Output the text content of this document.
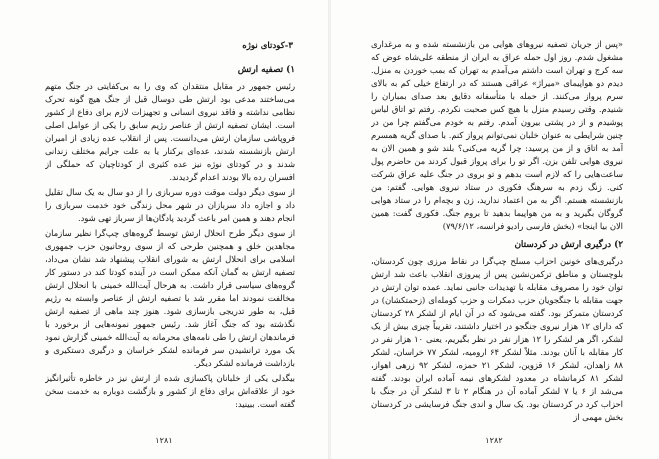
«پس از جریان تصفیه نیروهای هوایی من بازنشسته شده و به مرغداری مشغول شدم. روز اول حمله عراق به ایران از منطقه علی‌شاه عوض که سه کرج و تهران است داشتم می‌آمدم به تهران که بمب خوردن به منزل. دیدم دو هواپیمای «میراژ» عراقی هستند که در ارتفاع خیلی کم به بالای سرم پرواز می‌کنند. از حمله با متأسفانه دقایق بعد صدای بمباران را شنیدم. وقتی رسیدم منزل با هیچ کس صحبت نکردم. رفتم تو اتاق لباس پوشیدم و از در پشتی بیرون آمدم. رفتم به خودم می‌گفتم چرا من در چنین شرایطی به عنوان خلبان نمی‌توانم پرواز کنم. با صدای گریه همسرم آمد به اتاق و از من پرسید: چرا گریه می‌کنی؟ بلند شو و همین الان به نیروی هوایی تلفن بزن. اگر تو را برای پرواز قبول کردند من حاضرم پول ساعت‌هایی را که لازم است بدهم و تو بروی در جنگ علیه عراق شرکت کنی. زنگ زدم به سرهنگ فکوری در ستاد نیروی هوایی. گفتم: من بازنشسته هستم. اگر به من اعتماد ندارید، زن و بچه‌ام را در ستاد هوایی گروگان بگیرید و به من هواپیما بدهید تا بروم جنگ. فکوری گفت: همین الان بیا اینجا» (بخش فارسی رادیو فرانسه، ۷۹/۶/۱۲)

۲) درگیری ارتش در کردستان

درگیری‌های خونین احزاب مسلح چپ‌گرا در نقاط مرزی چون کردستان، بلوچستان و مناطق ترکمن‌نشین پس از پیروزی انقلاب باعث شد ارتش توان خود را مصروف مقابله با تهدیدات جانبی نماید. عمده توان ارتش در جهت مقابله با جنگجویان حزب دمکرات و حزب کومله‌ای (زحمتکشان) در کردستان متمرکز بود. گفته می‌شود که در آن ایام از لشکر ۲۸ کردستان که دارای ۱۲ هزار نیروی جنگجو در اختیار داشتند، تقریباً چیزی بیش از یک لشکر، اگر هر لشکر را ۱۲ هزار نفر در نظر بگیریم، یعنی ۱۰ هزار نفر در کار مقابله با آنان بودند. مثلاً لشکر ۶۴ ارومیه، لشکر ۷۷ خراسان، لشکر ۸۸ زاهدان، لشکر ۱۶ قزوین، لشکر ۲۱ حمزه، لشکر ۹۲ زرهی اهواز، لشکر ۸۱ کرمانشاه در معدود لشکرهای نیمه آماده ایران بودند. گفته می‌شد از ۶ یا ۷ لشکر آماده آن در هنگام ۲ تا ۳ لشکر آن در جنگ با احزاب کرد در کردستان بود. یک سال و اندی جنگ فرسایشی در کردستان بخش مهمی از

۱۲۸۲
۳-کودتای نوژه

۱) تصفیه ارتش

رئیس جمهور در مقابل منتقدان که وی را به بی‌کفایتی در جنگ متهم می‌ساختند مدعی بود ارتش طی دوسال قبل از جنگ هیچ گونه تحرک نظامی نداشته و فاقد نیروی انسانی و تجهیزات لازم برای دفاع از کشور است. ایشان تصفیه ارتش از عناصر رژیم سابق را یکی از عوامل اصلی فروپاشی سازمان ارتش می‌دانست. پس از انقلاب عده زیادی از امیران ارتش بازنشسته شدند، عده‌ای برکنار یا به علت جرایم مختلف زندانی شدند و در کودتای نوژه نیز عده کثیری از کودتاچیان که حملگی از افسران رده بالا بودند اعدام گردیدند.

از سوی دیگر دولت موقت دوره سربازی را از دو سال به یک سال تقلیل داد و اجازه داد سربازان در شهر محل زندگی خود خدمت سربازی را انجام دهند و همین امر باعث گردید پادگان‌ها از سرباز تهی شود.

از سوی دیگر طرح انحلال ارتش توسط گروه‌های چپ‌گرا نظیر سازمان مجاهدین خلق و همچنین طرحی که از سوی روحانیون حزب جمهوری اسلامی برای انحلال ارتش به شورای انقلاب پیشنهاد شد نشان می‌داد، تصفیه ارتش به گمان آنکه ممکن است در آینده کودتا کند در دستور کار گروه‌های سیاسی قرار داشت. به هرحال آیت‌الله خمینی با انحلال ارتش مخالفت نمودند اما مقرر شد با تصفیه ارتش از عناصر وابسته به رژیم قبل، به طور تدریجی بازسازی شود. هنوز چند ماهی از تصفیه ارتش نگذشته بود که جنگ آغاز شد. رئیس جمهور نمونه‌هایی از برخورد با فرماندهان ارتش را طی نامه‌های محرمانه به آیت‌الله خمینی گزارش نمود یک مورد ترانشیدن سر فرمانده لشکر خراسان و درگیری دستکیری و بازداشت فرمانده لشکر دیگر.

بیگدلی یکی از خلبانان پاکسازی شده از ارتش نیز در خاطره تأثیرانگیز خود از علاقه‌اش برای دفاع از کشور و بازگشت دوباره به خدمت سخن گفته است. ببینید:

۱۲۸۱
